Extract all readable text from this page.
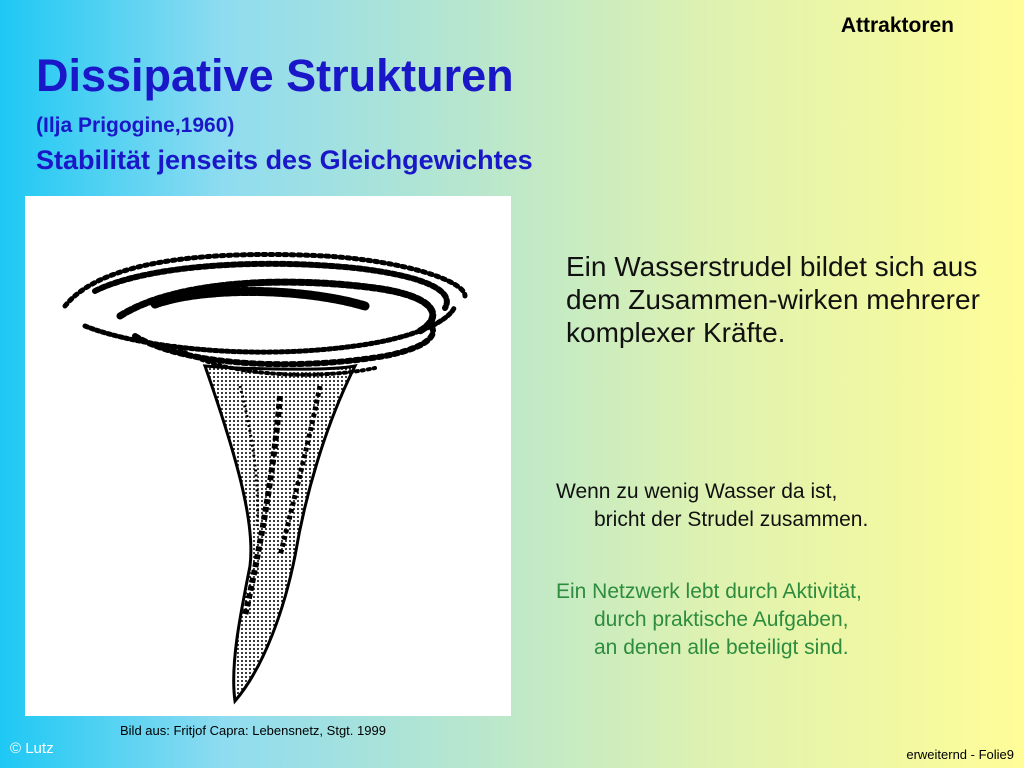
Attraktoren
Dissipative Strukturen
(Ilja Prigogine,1960)
Stabilität jenseits des Gleichgewichtes
Bild aus: Fritjof Capra: Lebensnetz, Stgt. 1999
Ein Wasserstrudel bildet sich aus dem Zusammen-wirken mehrerer komplexer Kräfte.
Wenn zu wenig Wasser da ist,
bricht der Strudel zusammen.
Ein Netzwerk lebt durch Aktivität,
durch praktische Aufgaben,
an denen alle beteiligt sind.
© Lutz	erweiternd - Folie9
